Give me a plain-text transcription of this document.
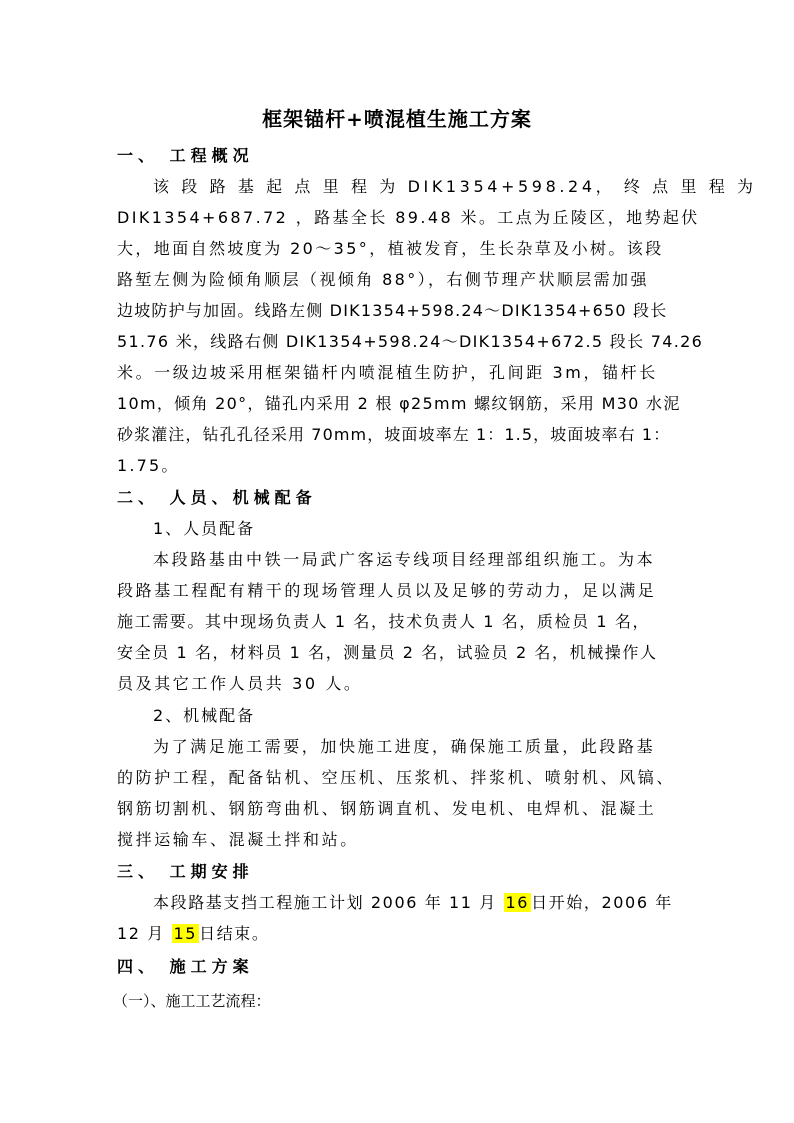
框架锚杆+喷混植生施工方案

一、 工程概况

该 段 路 基 起 点 里 程 为 DIK1354+598.24， 终 点 里 程 为

DIK1354+687.72 ，路基全长 89.48 米。工点为丘陵区，地势起伏

大，地面自然坡度为 20～35°，植被发育，生长杂草及小树。该段

路堑左侧为险倾角顺层（视倾角 88°），右侧节理产状顺层需加强

边坡防护与加固。线路左侧 DIK1354+598.24～DIK1354+650 段长

51.76 米，线路右侧 DIK1354+598.24～DIK1354+672.5 段长 74.26

米。一级边坡采用框架锚杆内喷混植生防护，孔间距 3m，锚杆长

10m，倾角 20°，锚孔内采用 2 根 φ25mm 螺纹钢筋，采用 M30 水泥

砂浆灌注，钻孔孔径采用 70mm，坡面坡率左 1：1.5，坡面坡率右 1：

1.75。

二、 人员、机械配备

1、人员配备

本段路基由中铁一局武广客运专线项目经理部组织施工。为本

段路基工程配有精干的现场管理人员以及足够的劳动力，足以满足

施工需要。其中现场负责人 1 名，技术负责人 1 名，质检员 1 名，

安全员 1 名，材料员 1 名，测量员 2 名，试验员 2 名，机械操作人

员及其它工作人员共 30 人。

2、机械配备

为了满足施工需要，加快施工进度，确保施工质量，此段路基

的防护工程，配备钻机、空压机、压浆机、拌浆机、喷射机、风镐、

钢筋切割机、钢筋弯曲机、钢筋调直机、发电机、电焊机、混凝土

搅拌运输车、混凝土拌和站。

三、 工期安排

本段路基支挡工程施工计划 2006 年 11 月 16 日开始，2006 年

12 月 15 日结束。

四、 施工方案

（一）、施工工艺流程：
